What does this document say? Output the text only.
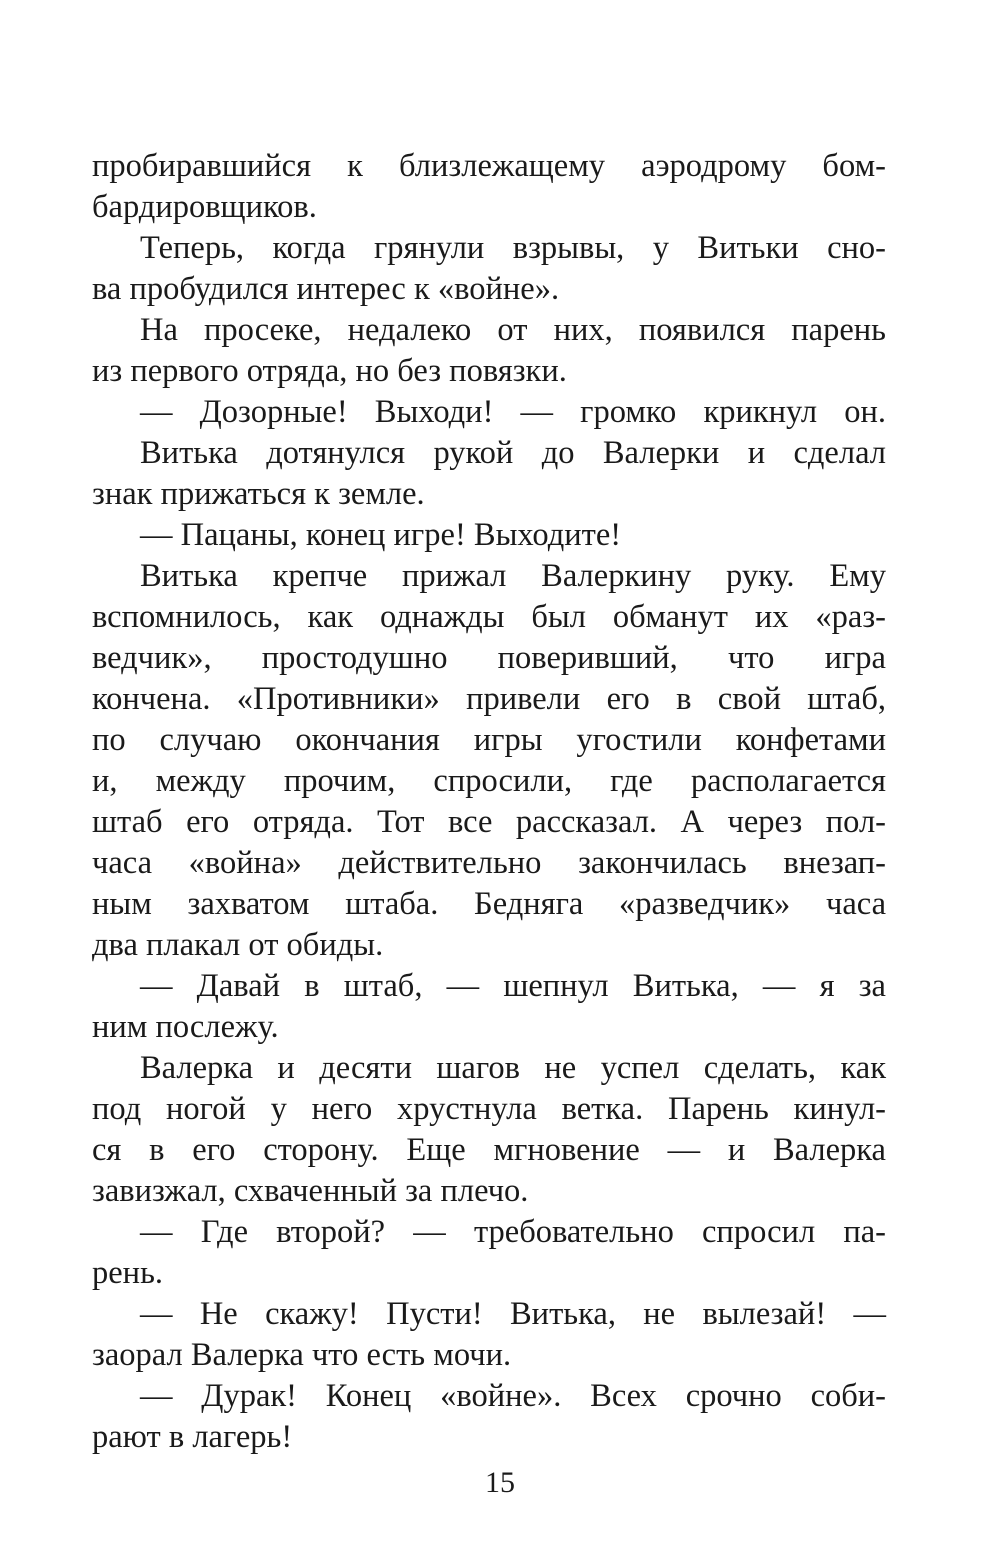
пробиравшийся к близлежащему аэродрому бом-
бардировщиков.
Теперь, когда грянули взрывы, у Витьки сно-
ва пробудился интерес к «войне».
На просеке, недалеко от них, появился парень
из первого отряда, но без повязки.
— Дозорные! Выходи! — громко крикнул он.
Витька дотянулся рукой до Валерки и сделал
знак прижаться к земле.
— Пацаны, конец игре! Выходите!
Витька крепче прижал Валеркину руку. Ему
вспомнилось, как однажды был обманут их «раз-
ведчик», простодушно поверивший, что игра
кончена. «Противники» привели его в свой штаб,
по случаю окончания игры угостили конфетами
и, между прочим, спросили, где располагается
штаб его отряда. Тот все рассказал. А через пол-
часа «война» действительно закончилась внезап-
ным захватом штаба. Бедняга «разведчик» часа
два плакал от обиды.
— Давай в штаб, — шепнул Витька, — я за
ним послежу.
Валерка и десяти шагов не успел сделать, как
под ногой у него хрустнула ветка. Парень кинул-
ся в его сторону. Еще мгновение — и Валерка
завизжал, схваченный за плечо.
— Где второй? — требовательно спросил па-
рень.
— Не скажу! Пусти! Витька, не вылезай! —
заорал Валерка что есть мочи.
— Дурак! Конец «войне». Всех срочно соби-
рают в лагерь!
15
